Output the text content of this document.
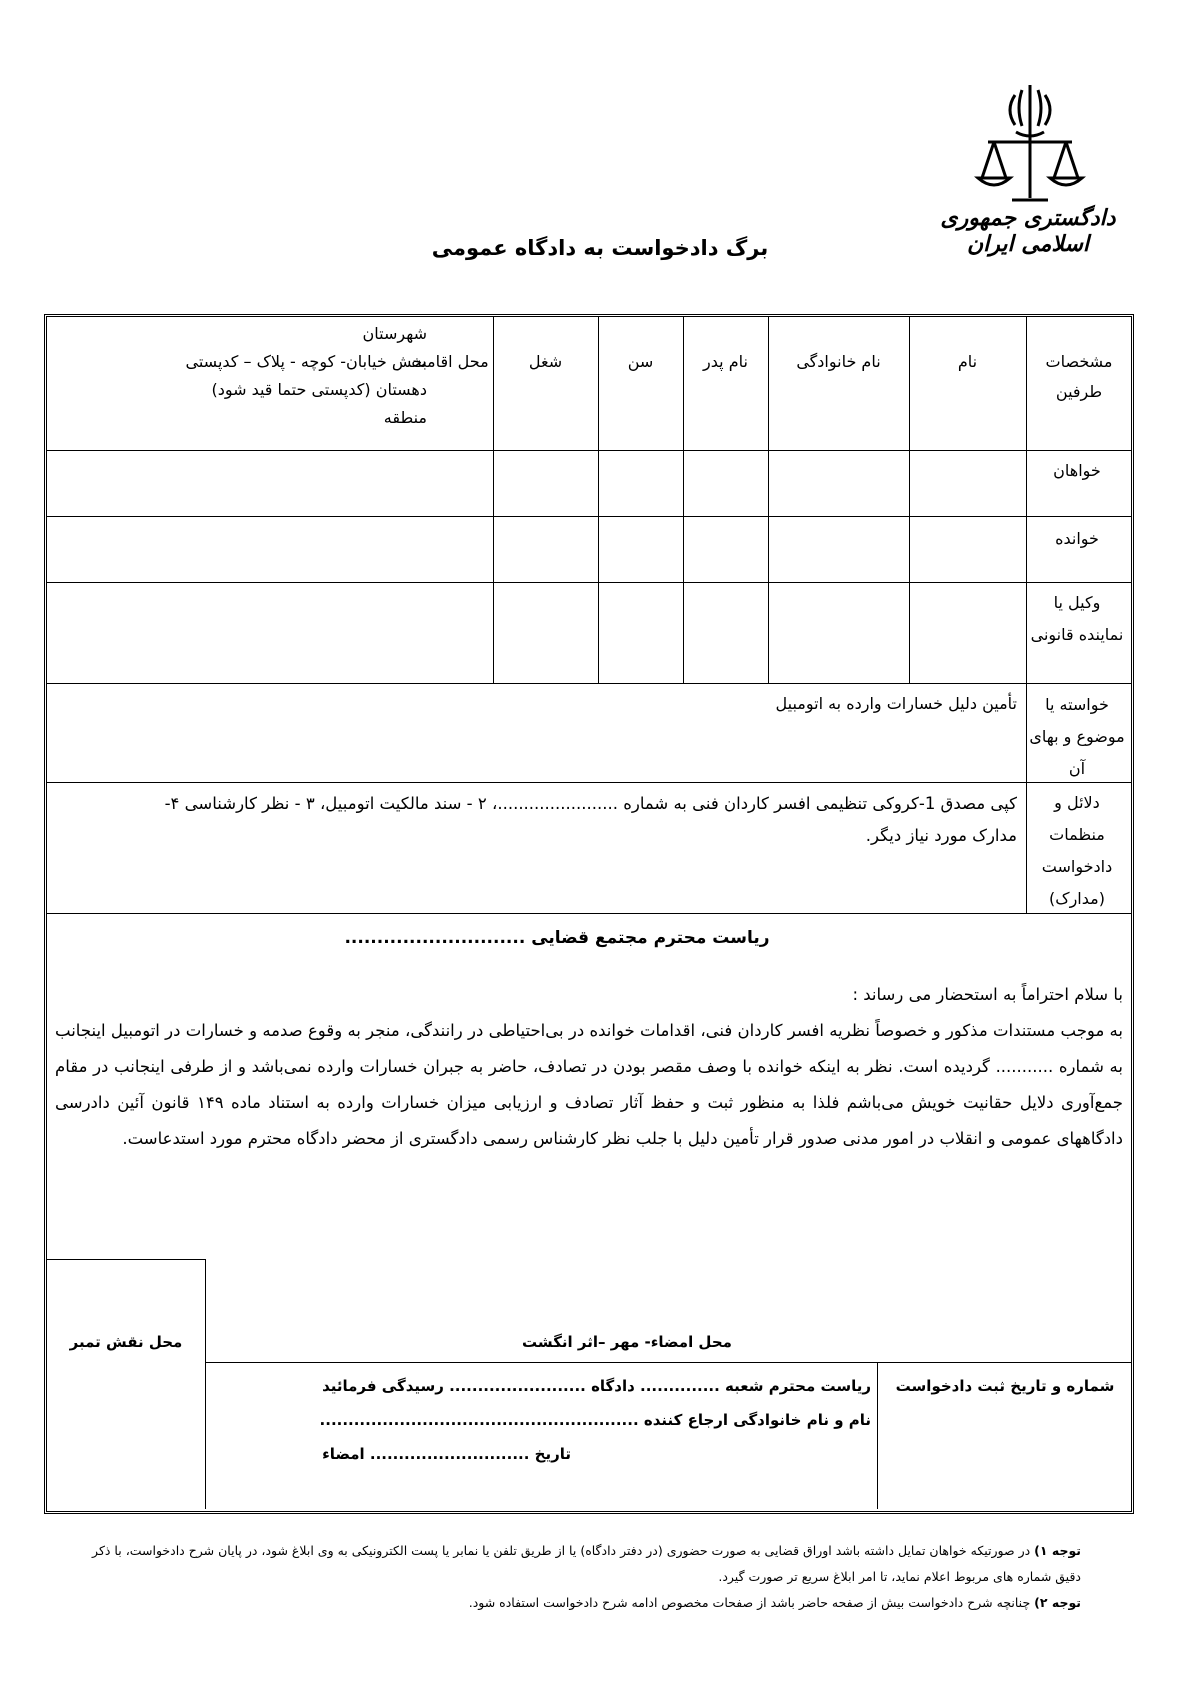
دادگستری جمهوری اسلامی ایران
برگ دادخواست به دادگاه عمومی
مشخصات طرفین
نام
نام خانوادگی
نام پدر
سن
شغل
محل اقامت
شهرستان
بخش خیابان- کوچه - پلاک – کدپستی
دهستان (کدپستی حتما قید شود)
منطقه
خواهان
خوانده
وکیل یا نماینده قانونی
خواسته یا موضوع و بهای آن
تأمین دلیل خسارات وارده به اتومبیل
دلائل و منظمات دادخواست (مدارک)
کپی مصدق 1-کروکی تنظیمی افسر کاردان فنی به شماره .......................، ۲ - سند مالکیت اتومبیل، ۳ - نظر کارشناسی ۴-
مدارک مورد نیاز دیگر.
ریاست محترم مجتمع قضایی ............................
با سلام احتراماً به استحضار می رساند :
به موجب مستندات مذکور و خصوصاً نظریه افسر کاردان فنی، اقدامات خوانده در بی‌احتیاطی در رانندگی، منجر به وقوع صدمه و خسارات در اتومبیل اینجانب به شماره ........... گردیده است. نظر به اینکه خوانده با وصف مقصر بودن در تصادف، حاضر به جبران خسارات وارده نمی‌باشد و از طرفی اینجانب در مقام جمع‌آوری دلایل حقانیت خویش می‌باشم فلذا به منظور ثبت و حفظ آثار تصادف و ارزیابی میزان خسارات وارده به استناد ماده ۱۴۹ قانون آئین دادرسی دادگاههای عمومی و انقلاب در امور مدنی صدور قرار تأمین دلیل با جلب نظر کارشناس رسمی دادگستری از محضر دادگاه محترم مورد استدعاست.
محل نقش تمبر	محل امضاء- مهر –اثر انگشت
شماره و تاریخ ثبت دادخواست
ریاست محترم شعبه .............. دادگاه ........................ رسیدگی فرمائید
نام و نام خانوادگی ارجاع کننده ........................................................
تاریخ ............................ امضاء
توجه ۱) در صورتیکه خواهان تمایل داشته باشد اوراق قضایی به صورت حضوری (در دفتر دادگاه) یا از طریق تلفن یا نمابر یا پست الکترونیکی به وی ابلاغ شود، در پایان شرح دادخواست، با ذکر دقیق شماره های مربوط اعلام نماید، تا امر ابلاغ سریع تر صورت گیرد.
توجه ۲) چنانچه شرح دادخواست بیش از صفحه حاضر باشد از صفحات مخصوص ادامه شرح دادخواست استفاده شود.
